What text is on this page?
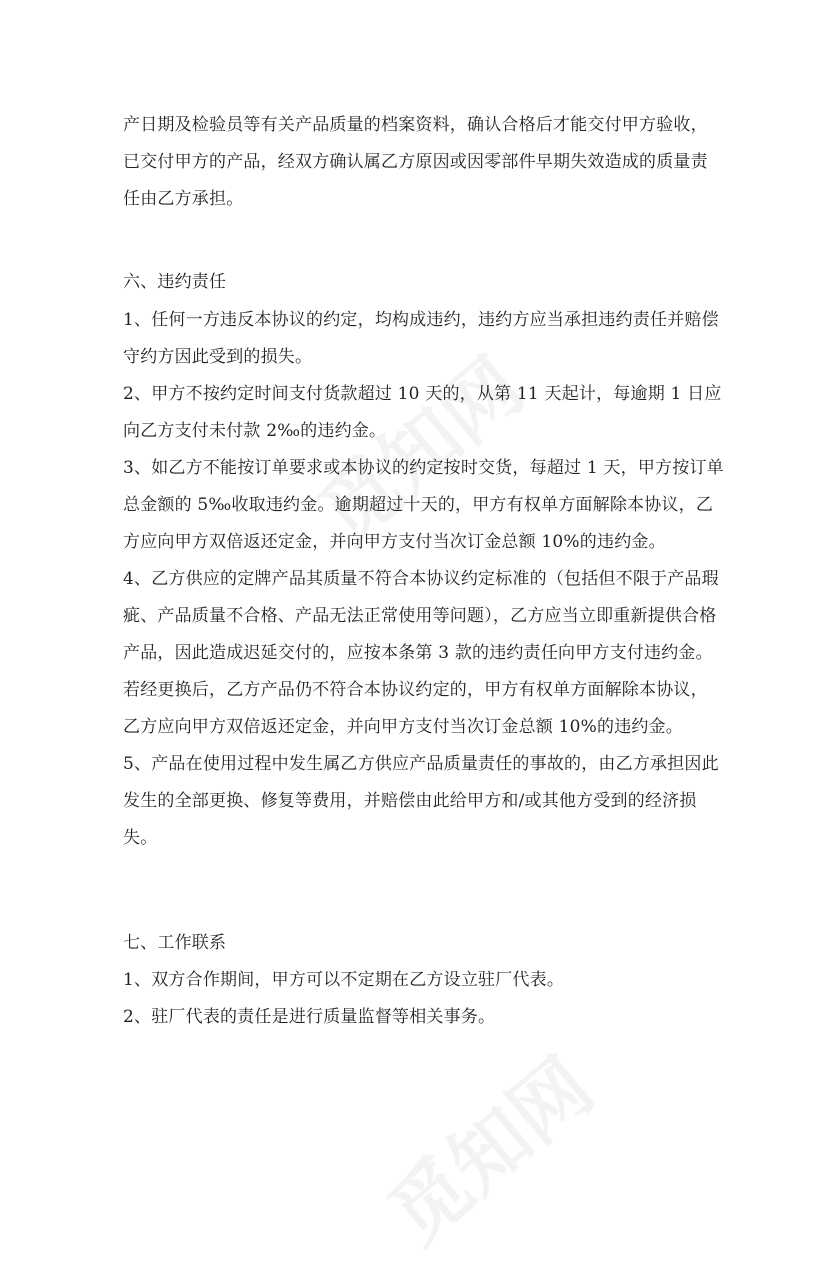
产日期及检验员等有关产品质量的档案资料，确认合格后才能交付甲方验收，
已交付甲方的产品，经双方确认属乙方原因或因零部件早期失效造成的质量责
任由乙方承担。
六、违约责任
1、任何一方违反本协议的约定，均构成违约，违约方应当承担违约责任并赔偿
守约方因此受到的损失。
2、甲方不按约定时间支付货款超过 10 天的，从第 11 天起计，每逾期 1 日应
向乙方支付未付款 2‰的违约金。
3、如乙方不能按订单要求或本协议的约定按时交货，每超过 1 天，甲方按订单
总金额的 5‰收取违约金。逾期超过十天的，甲方有权单方面解除本协议，乙
方应向甲方双倍返还定金，并向甲方支付当次订金总额 10%的违约金。
4、乙方供应的定牌产品其质量不符合本协议约定标准的（包括但不限于产品瑕
疵、产品质量不合格、产品无法正常使用等问题），乙方应当立即重新提供合格
产品，因此造成迟延交付的，应按本条第 3 款的违约责任向甲方支付违约金。
若经更换后，乙方产品仍不符合本协议约定的，甲方有权单方面解除本协议，
乙方应向甲方双倍返还定金，并向甲方支付当次订金总额 10%的违约金。
5、产品在使用过程中发生属乙方供应产品质量责任的事故的，由乙方承担因此
发生的全部更换、修复等费用，并赔偿由此给甲方和/或其他方受到的经济损
失。
七、工作联系
1、双方合作期间，甲方可以不定期在乙方设立驻厂代表。
2、驻厂代表的责任是进行质量监督等相关事务。
